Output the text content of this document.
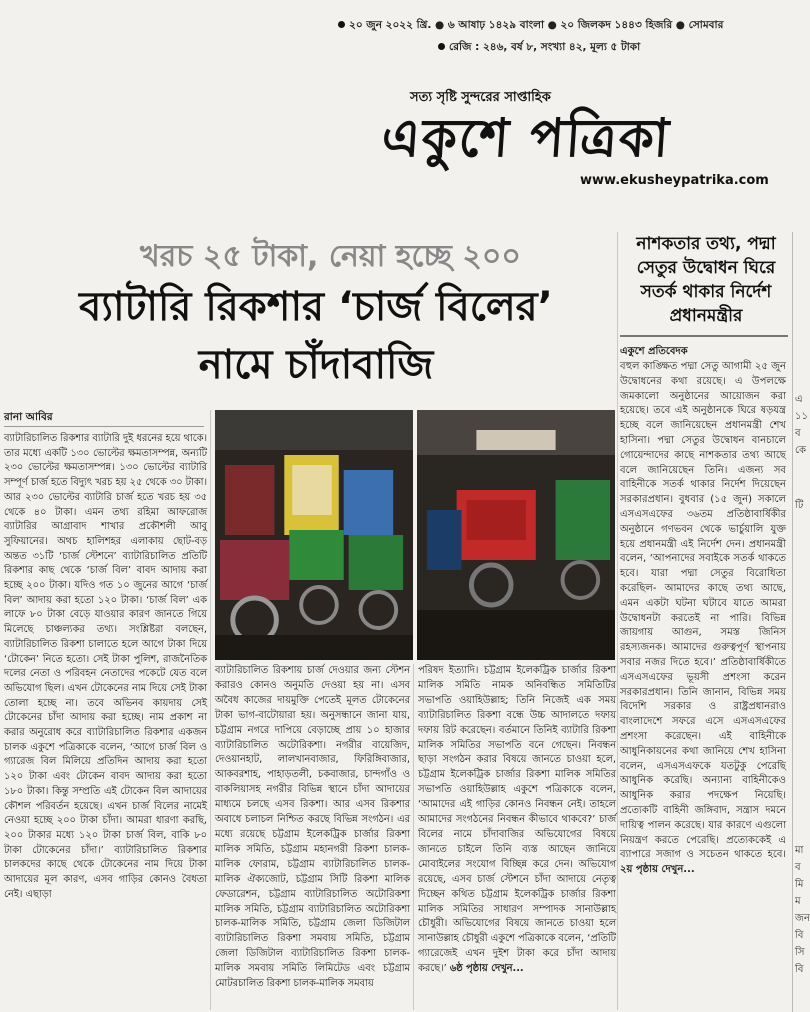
২০ জুন ২০২২ খ্রি. ● ৬ আষাঢ় ১৪২৯ বাংলা ● ২০ জিলকদ ১৪৪৩ হিজরি ● সোমবার
রেজি : ২৪৬, বর্ষ ৮, সংখ্যা ৪২, মূল্য ৫ টাকা
সত্য সৃষ্টি সুন্দরের সাপ্তাহিক
একুশে পত্রিকা
www.ekusheypatrika.com
খরচ ২৫ টাকা, নেয়া হচ্ছে ২০০
ব্যাটারি রিকশার ‘চার্জ বিলের’
নামে চাঁদাবাজি
নাশকতার তথ্য, পদ্মা সেতুর উদ্বোধন ঘিরে সতর্ক থাকার নির্দেশ প্রধানমন্ত্রীর
একুশে প্রতিবেদক
বহুল কাঙ্ক্ষিত পদ্মা সেতু আগামী ২৫ জুন উদ্বোধনের কথা রয়েছে। এ উপলক্ষে জমকালো অনুষ্ঠানের আয়োজন করা হয়েছে। তবে এই অনুষ্ঠানকে ঘিরে ষড়যন্ত্র হচ্ছে বলে জানিয়েছেন প্রধানমন্ত্রী শেখ হাসিনা। পদ্মা সেতুর উদ্বোধন বানচালে গোয়েন্দাদের কাছে নাশকতার তথ্য আছে বলে জানিয়েছেন তিনি। এজন্য সব বাহিনীকে সতর্ক থাকার নির্দেশ দিয়েছেন সরকারপ্রধান। বুধবার (১৫ জুন) সকালে এসএসএফের ৩৬তম প্রতিষ্ঠাবার্ষিকীর অনুষ্ঠানে গণভবন থেকে ভার্চুয়ালি যুক্ত হয়ে প্রধানমন্ত্রী এই নির্দেশ দেন। প্রধানমন্ত্রী বলেন, ‘আপনাদের সবাইকে সতর্ক থাকতে হবে। যারা পদ্মা সেতুর বিরোধিতা করেছিল- আমাদের কাছে তথ্য আছে, এমন একটা ঘটনা ঘটাবে যাতে আমরা উদ্বোধনটা করতেই না পারি। বিভিন্ন জায়গায় আগুন, সমস্ত জিনিস রহস্যজনক। আমাদের গুরুত্বপূর্ণ স্থাপনায় সবার নজর দিতে হবে।’ প্রতিষ্ঠাবার্ষিকীতে এসএসএফের ভূয়সী প্রশংসা করেন সরকারপ্রধান। তিনি জানান, বিভিন্ন সময় বিদেশি সরকার ও রাষ্ট্রপ্রধানরাও বাংলাদেশে সফরে এসে এসএসএফের প্রশংসা করেছেন। এই বাহিনীকে আধুনিকায়নের কথা জানিয়ে শেখ হাসিনা বলেন, এসএসএফকে যতটুকু পেরেছি আধুনিক করেছি। অন্যান্য বাহিনীকেও আধুনিক করার পদক্ষেপ নিয়েছি। প্রত্যেকটি বাহিনী জঙ্গিবাদ, সন্ত্রাস দমনে দায়িত্ব পালন করেছে। যার কারণে এগুলো নিয়ন্ত্রণ করতে পেরেছি। প্রত্যেককেই এ ব্যাপারে সজাগ ও সচেতন থাকতে হবে। ২য় পৃষ্ঠায় দেখুন...
এ
১১
ব
কে
টি
মা
ব
মি
ম
জন
বি
সি
বি
রানা আবির
ব্যাটারিচালিত রিকশার ব্যাটারি দুই ধরনের হয়ে থাকে। তার মধ্যে একটি ১৩০ ভোল্টের ক্ষমতাসম্পন্ন, অন্যটি ২৩০ ভোল্টের ক্ষমতাসম্পন্ন। ১৩০ ভোল্টের ব্যাটারি সম্পূর্ণ চার্জ হতে বিদ্যুৎ খরচ হয় ২৫ থেকে ৩০ টাকা। আর ২৩০ ভোল্টের ব্যাটারি চার্জ হতে খরচ হয় ৩৫ থেকে ৪০ টাকা। এমন তথ্য রহিমা আফরোজ ব্যাটারির আগ্রাবাদ শাখার প্রকৌশলী আবু সুফিয়ানের। অথচ হালিশহর এলাকায় ছোট-বড় অন্তত ৩১টি ‘চার্জ স্টেশনে’ ব্যাটারিচালিত প্রতিটি রিকশার কাছ থেকে ‘চার্জ বিল’ বাবদ আদায় করা হচ্ছে ২০০ টাকা। যদিও গত ১০ জুনের আগে ‘চার্জ বিল’ আদায় করা হতো ১২০ টাকা। ‘চার্জ বিল’ এক লাফে ৮০ টাকা বেড়ে যাওয়ার কারণ জানতে গিয়ে মিলেছে চাঞ্চল্যকর তথ্য। সংশ্লিষ্টরা বলছেন, ব্যাটারিচালিত রিকশা চালাতে হলে আগে টাকা দিয়ে ‘টোকেন’ নিতে হতো। সেই টাকা পুলিশ, রাজনৈতিক দলের নেতা ও পরিবহন নেতাদের পকেটে যেত বলে অভিযোগ ছিল। এখন টোকেনের নাম দিয়ে সেই টাকা তোলা হচ্ছে না। তবে অভিনব কায়দায় সেই টোকেনের চাঁদা আদায় করা হচ্ছে। নাম প্রকাশ না করার অনুরোধ করে ব্যাটারিচালিত রিকশার একজন চালক একুশে পত্রিকাকে বলেন, ‘আগে চার্জ বিল ও গ্যারেজ বিল মিলিয়ে প্রতিদিন আদায় করা হতো ১২০ টাকা এবং টোকেন বাবদ আদায় করা হতো ১৮০ টাকা। কিন্তু সম্প্রতি এই টোকেন বিল আদায়ের কৌশল পরিবর্তন হয়েছে। এখন চার্জ বিলের নামেই নেওয়া হচ্ছে ২০০ টাকা চাঁদা। আমরা ধারণা করছি, ২০০ টাকার মধ্যে ১২০ টাকা চার্জ বিল, বাকি ৮০ টাকা টোকেনের চাঁদা।’ ব্যাটারিচালিত রিকশার চালকদের কাছে থেকে টোকেনের নাম দিয়ে টাকা আদায়ের মূল কারণ, এসব গাড়ির কোনও বৈধতা নেই। এছাড়া
ব্যাটারিচালিত রিকশায় চার্জ দেওয়ার জন্য স্টেশন করারও কোনও অনুমতি দেওয়া হয় না। এসব অবৈধ কাজের দায়মুক্তি পেতেই মূলত টোকেনের টাকা ভাগ-বাটোয়ারা হয়। অনুসন্ধানে জানা যায়, চট্টগ্রাম নগরে দাপিয়ে বেড়াচ্ছে প্রায় ১০ হাজার ব্যাটারিচালিত অটোরিকশা। নগরীর বায়েজিদ, দেওয়ানহাট, লালখানবাজার, ফিরিঙ্গিবাজার, আকবরশাহ, পাহাড়তলী, চকবাজার, চান্দগাঁও ও বাকলিয়াসহ নগরীর বিভিন্ন স্থানে চাঁদা আদায়ের মাধ্যমে চলছে এসব রিকশা। আর এসব রিকশার অবাধে চলাচল নিশ্চিত করছে বিভিন্ন সংগঠন। এর মধ্যে রয়েছে চট্টগ্রাম ইলেকট্রিক চার্জার রিকশা মালিক সমিতি, চট্টগ্রাম মহানগরী রিকশা চালক-মালিক ফোরাম, চট্টগ্রাম ব্যাটারিচালিত চালক-মালিক ঐক্যজোট, চট্টগ্রাম সিটি রিকশা মালিক ফেডারেশন, চট্টগ্রাম ব্যাটারিচালিত অটোরিকশা মালিক সমিতি, চট্টগ্রাম ব্যাটারিচালিত অটোরিকশা চালক-মালিক সমিতি, চট্টগ্রাম জেলা ডিজিটাল ব্যাটারিচালিত রিকশা সমবায় সমিতি, চট্টগ্রাম জেলা ডিজিটাল ব্যাটারিচালিত রিকশা চালক-মালিক সমবায় সমিতি লিমিটেড এবং চট্টগ্রাম মোটরচালিত রিকশা চালক-মালিক সমবায়
পরিষদ ইত্যাদি। চট্টগ্রাম ইলেকট্রিক চার্জার রিকশা মালিক সমিতি নামক অনিবন্ধিত সমিতিটির সভাপতি ওয়াহিউল্লাহ; তিনি নিজেই এক সময় ব্যাটারিচালিত রিকশা বন্ধে উচ্চ আদালতে দফায় দফায় রিট করেছেন। বর্তমানে তিনিই ব্যাটারি রিকশা মালিক সমিতির সভাপতি বনে গেছেন। নিবন্ধন ছাড়া সংগঠন করার বিষয়ে জানতে চাওয়া হলে, চট্টগ্রাম ইলেকট্রিক চার্জার রিকশা মালিক সমিতির সভাপতি ওয়াহিউল্লাহ একুশে পত্রিকাকে বলেন, ‘আমাদের এই গাড়ির কোনও নিবন্ধন নেই। তাহলে আমাদের সংগঠনের নিবন্ধন কীভাবে থাকবে?’ চার্জ বিলের নামে চাঁদাবাজির অভিযোগের বিষয়ে জানতে চাইলে তিনি ব্যস্ত আছেন জানিয়ে মোবাইলের সংযোগ বিচ্ছিন্ন করে দেন। অভিযোগ রয়েছে, এসব চার্জ স্টেশনে চাঁদা আদায়ে নেতৃত্ব দিচ্ছেন কথিত চট্টগ্রাম ইলেকট্রিক চার্জার রিকশা মালিক সমিতির সাধারণ সম্পাদক সানাউল্লাহ চৌধুরী। অভিযোগের বিষয়ে জানতে চাওয়া হলে সানাউল্লাহ চৌধুরী একুশে পত্রিকাকে বলেন, ‘প্রতিটি গ্যারেজেই এখন দুইশ টাকা করে চাঁদা আদায় করছে।’ ৬ষ্ঠ পৃষ্ঠায় দেখুন...
